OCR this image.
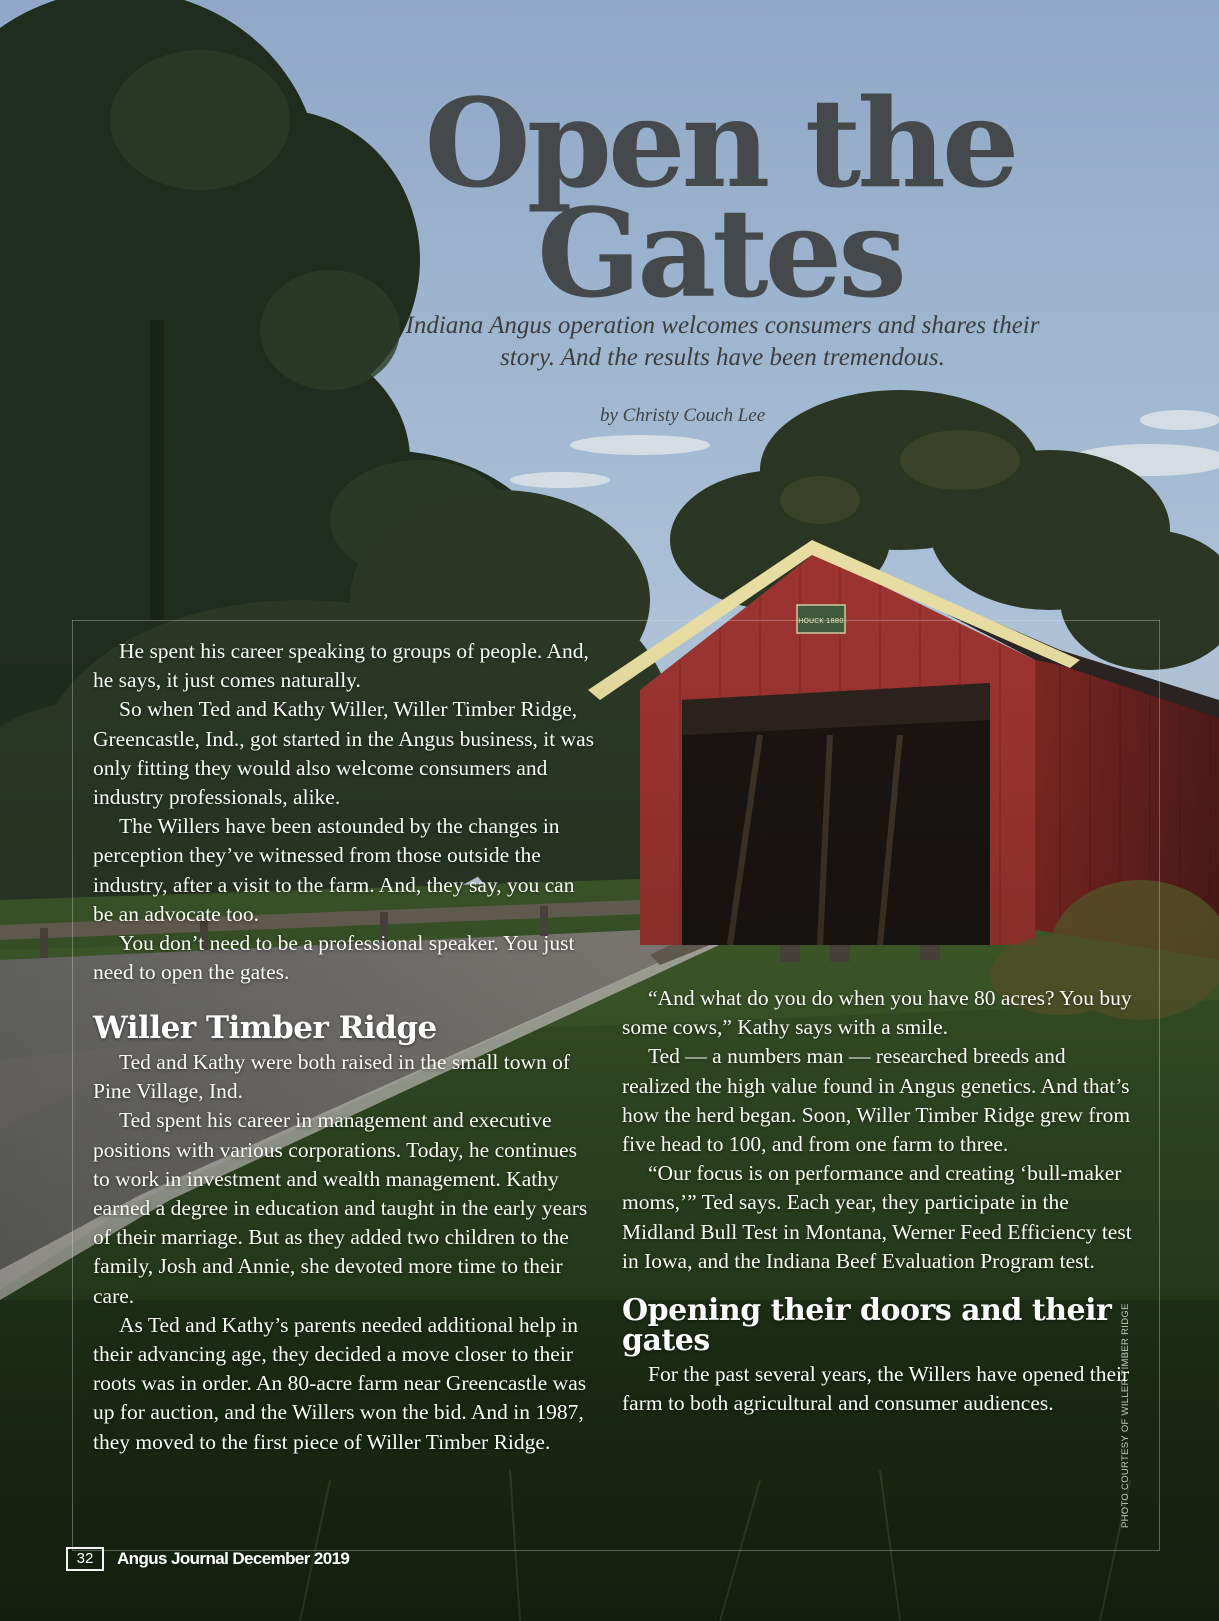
Open the
Gates

Indiana Angus operation welcomes consumers and shares their story. And the results have been tremendous.

by Christy Couch Lee

He spent his career speaking to groups of people. And, he says, it just comes naturally.

So when Ted and Kathy Willer, Willer Timber Ridge, Greencastle, Ind., got started in the Angus business, it was only fitting they would also welcome consumers and industry professionals, alike.

The Willers have been astounded by the changes in perception they’ve witnessed from those outside the industry, after a visit to the farm. And, they say, you can be an advocate too.

You don’t need to be a professional speaker. You just need to open the gates.

Willer Timber Ridge

Ted and Kathy were both raised in the small town of Pine Village, Ind.

Ted spent his career in management and executive positions with various corporations. Today, he continues to work in investment and wealth management. Kathy earned a degree in education and taught in the early years of their marriage. But as they added two children to the family, Josh and Annie, she devoted more time to their care.

As Ted and Kathy’s parents needed additional help in their advancing age, they decided a move closer to their roots was in order. An 80-acre farm near Greencastle was up for auction, and the Willers won the bid. And in 1987, they moved to the first piece of Willer Timber Ridge.

“And what do you do when you have 80 acres? You buy some cows,” Kathy says with a smile.

Ted — a numbers man — researched breeds and realized the high value found in Angus genetics. And that’s how the herd began. Soon, Willer Timber Ridge grew from five head to 100, and from one farm to three.

“Our focus is on performance and creating ‘bull-maker moms,’” Ted says. Each year, they participate in the Midland Bull Test in Montana, Werner Feed Efficiency test in Iowa, and the Indiana Beef Evaluation Program test.

Opening their doors and their gates

For the past several years, the Willers have opened their farm to both agricultural and consumer audiences.

32	Angus Journal December 2019
PHOTO COURTESY OF WILLER TIMBER RIDGE
